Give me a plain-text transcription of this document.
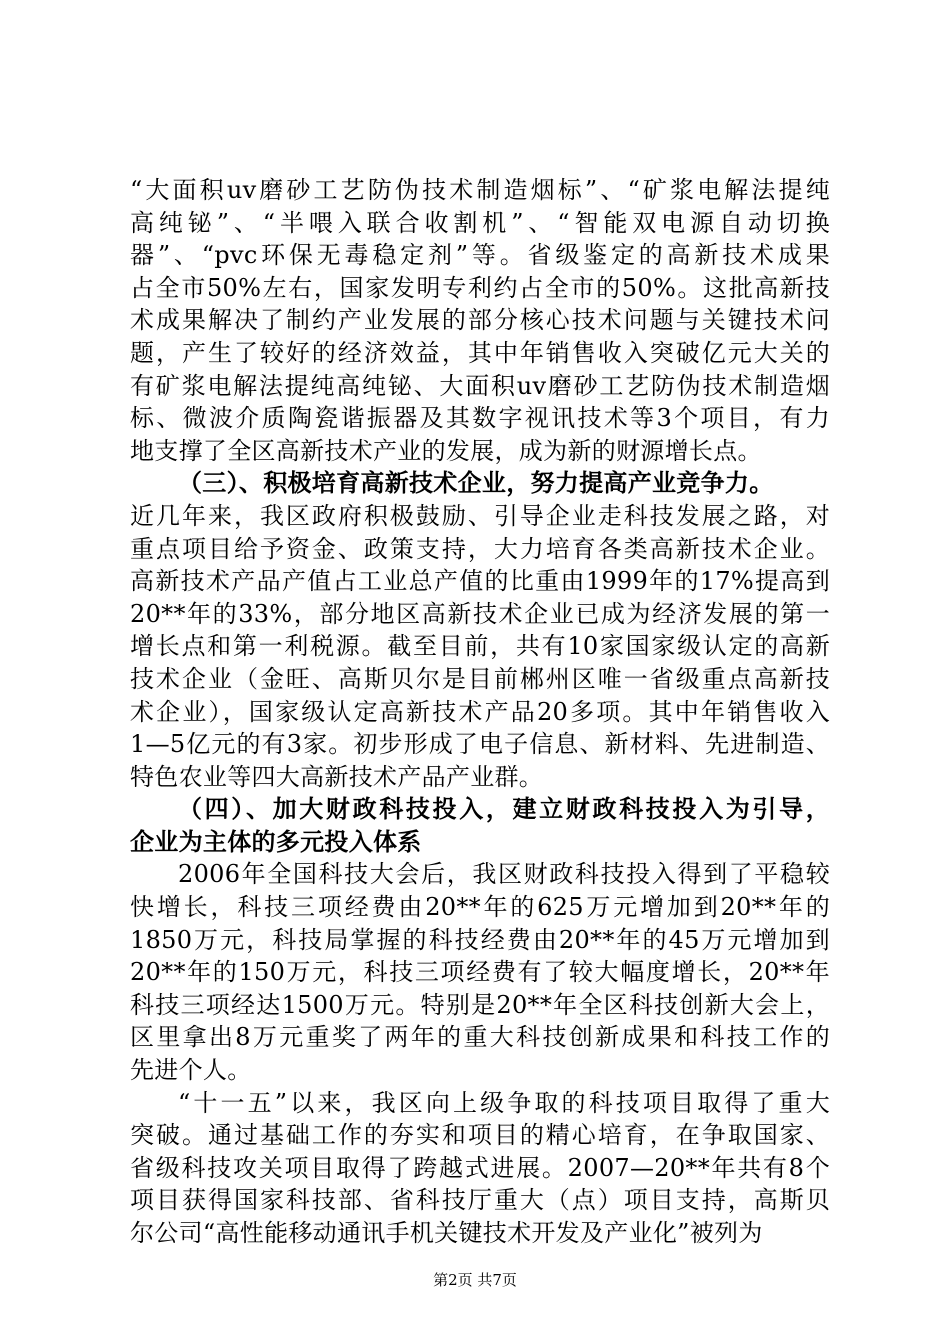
“大面积uv磨砂工艺防伪技术制造烟标”、“矿浆电解法提纯
高纯铋”、“半喂入联合收割机”、“智能双电源自动切换
器”、“pvc环保无毒稳定剂”等。省级鉴定的高新技术成果
占全市50%左右，国家发明专利约占全市的50%。这批高新技
术成果解决了制约产业发展的部分核心技术问题与关键技术问
题，产生了较好的经济效益，其中年销售收入突破亿元大关的
有矿浆电解法提纯高纯铋、大面积uv磨砂工艺防伪技术制造烟
标、微波介质陶瓷谐振器及其数字视讯技术等3个项目，有力
地支撑了全区高新技术产业的发展，成为新的财源增长点。
（三）、积极培育高新技术企业，努力提高产业竞争力。
近几年来，我区政府积极鼓励、引导企业走科技发展之路，对
重点项目给予资金、政策支持，大力培育各类高新技术企业。
高新技术产品产值占工业总产值的比重由1999年的17%提高到
20**年的33%，部分地区高新技术企业已成为经济发展的第一
增长点和第一利税源。截至目前，共有10家国家级认定的高新
技术企业（金旺、高斯贝尔是目前郴州区唯一省级重点高新技
术企业），国家级认定高新技术产品20多项。其中年销售收入
1—5亿元的有3家。初步形成了电子信息、新材料、先进制造、
特色农业等四大高新技术产品产业群。
（四）、加大财政科技投入，建立财政科技投入为引导，
企业为主体的多元投入体系
2006年全国科技大会后，我区财政科技投入得到了平稳较
快增长，科技三项经费由20**年的625万元增加到20**年的
1850万元，科技局掌握的科技经费由20**年的45万元增加到
20**年的150万元，科技三项经费有了较大幅度增长，20**年
科技三项经达1500万元。特别是20**年全区科技创新大会上，
区里拿出8万元重奖了两年的重大科技创新成果和科技工作的
先进个人。
“十一五”以来，我区向上级争取的科技项目取得了重大
突破。通过基础工作的夯实和项目的精心培育，在争取国家、
省级科技攻关项目取得了跨越式进展。2007—20**年共有8个
项目获得国家科技部、省科技厅重大（点）项目支持，高斯贝
尔公司“高性能移动通讯手机关键技术开发及产业化”被列为
第2页 共7页
